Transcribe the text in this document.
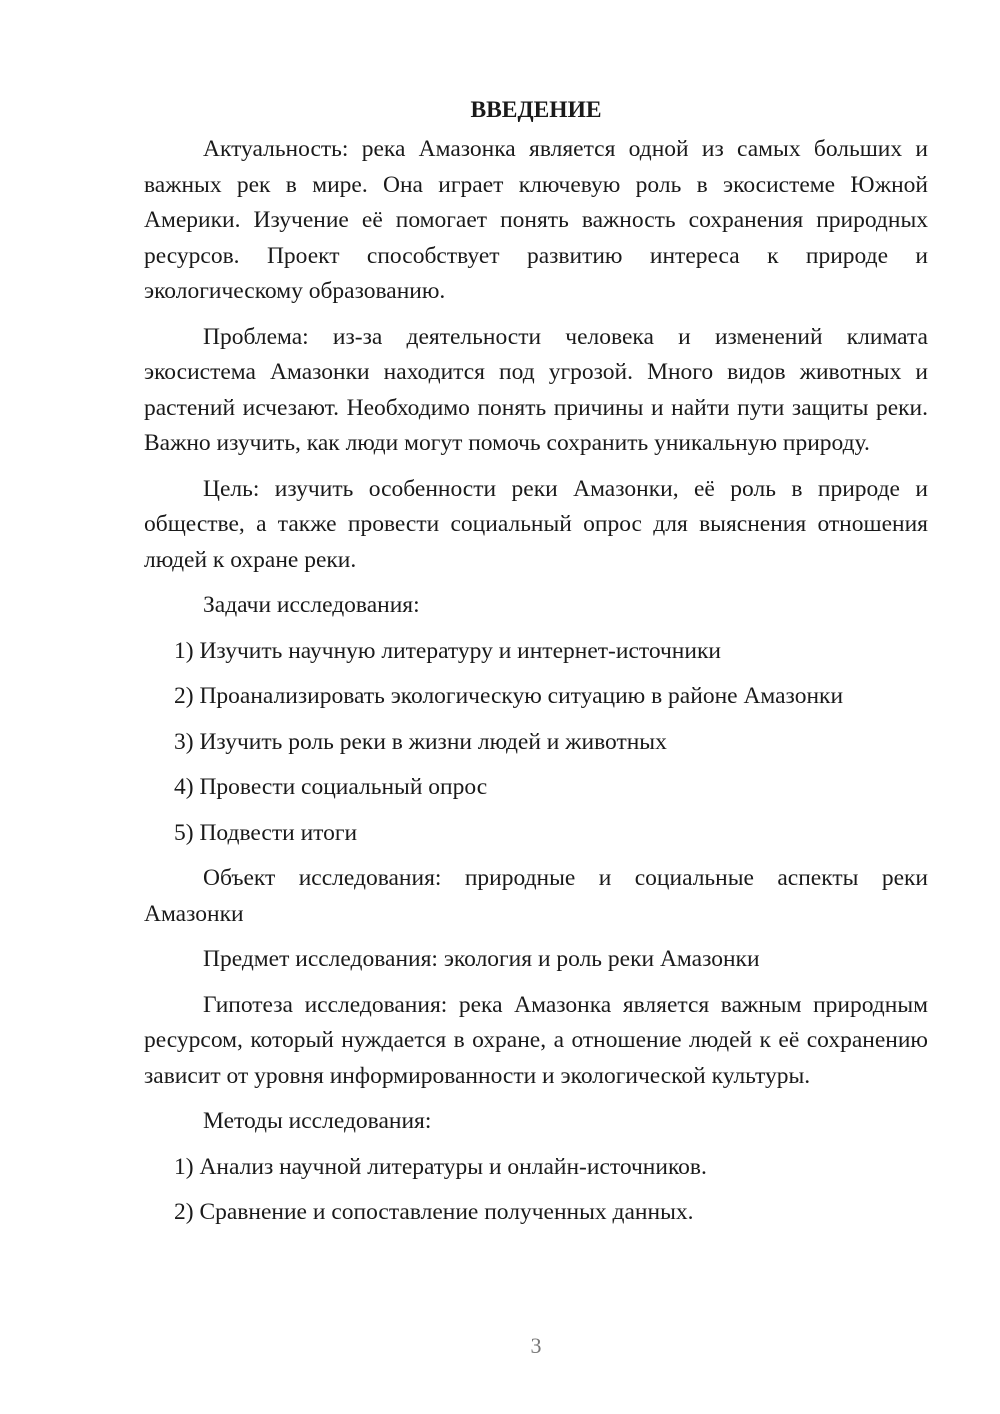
ВВЕДЕНИЕ

Актуальность: река Амазонка является одной из самых больших и важных рек в мире. Она играет ключевую роль в экосистеме Южной Америки. Изучение её помогает понять важность сохранения природных ресурсов. Проект способствует развитию интереса к природе и экологическому образованию.

Проблема: из-за деятельности человека и изменений климата экосистема Амазонки находится под угрозой. Много видов животных и растений исчезают. Необходимо понять причины и найти пути защиты реки. Важно изучить, как люди могут помочь сохранить уникальную природу.

Цель: изучить особенности реки Амазонки, её роль в природе и обществе, а также провести социальный опрос для выяснения отношения людей к охране реки.

Задачи исследования:

1) Изучить научную литературу и интернет-источники

2) Проанализировать экологическую ситуацию в районе Амазонки

3) Изучить роль реки в жизни людей и животных

4) Провести социальный опрос

5) Подвести итоги

Объект исследования: природные и социальные аспекты реки Амазонки

Предмет исследования: экология и роль реки Амазонки

Гипотеза исследования: река Амазонка является важным природным ресурсом, который нуждается в охране, а отношение людей к её сохранению зависит от уровня информированности и экологической культуры.

Методы исследования:

1) Анализ научной литературы и онлайн-источников.

2) Сравнение и сопоставление полученных данных.

3
